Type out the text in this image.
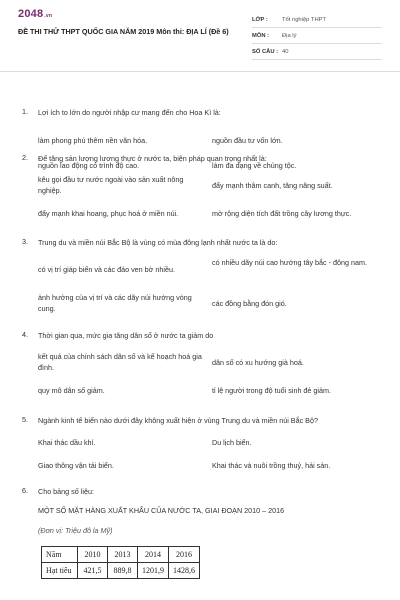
2048.vn
ĐỀ THI THỬ THPT QUỐC GIA NĂM 2019 Môn thi: ĐỊA LÍ (Đề 6)
LỚP :	Tốt nghiệp THPT
MÔN :	Địa lý
SỐ CÂU : 40
1. Lợi ích to lớn do người nhập cư mang đến cho Hoa Kì là:
làm phong phú thêm nền văn hóa.	nguồn đầu tư vốn lớn.
nguồn lao động có trình độ cao.	làm đa dạng về chủng tộc.
2. Để tăng sản lượng lương thực ở nước ta, biện pháp quan trọng nhất là:
kêu gọi đầu tư nước ngoài vào sản xuất nông nghiệp.
đẩy mạnh thâm canh, tăng năng suất.
đẩy mạnh khai hoang, phục hoá ở miền núi.	mở rộng diện tích đất trồng cây lương thực.
3. Trung du và miền núi Bắc Bộ là vùng có mùa đông lạnh nhất nước ta là do:
có vị trí giáp biển và các đảo ven bờ nhiều.
có nhiều dãy núi cao hướng tây bắc - đông nam.
ảnh hưởng của vị trí và các dãy núi hướng vòng cung.
các đồng bằng đón gió.
4. Thời gian qua, mức gia tăng dân số ở nước ta giảm do
kết quả của chính sách dân số và kế hoạch hoá gia đình.
dân số có xu hướng già hoá.
quy mô dân số giảm.	tỉ lệ người trong độ tuổi sinh đẻ giảm.
5. Ngành kinh tế biển nào dưới đây không xuất hiện ở vùng Trung du và miền núi Bắc Bộ?
Khai thác dầu khí.	Du lịch biển.
Giao thông vận tải biển.	Khai thác và nuôi trồng thuỷ, hải sản.
6. Cho bảng số liệu:
MỘT SỐ MẶT HÀNG XUẤT KHẨU CỦA NƯỚC TA, GIAI ĐOẠN 2010 – 2016
(Đơn vị: Triệu đô la Mỹ)
Năm	2010	2013	2014	2016
Hạt tiêu	421,5	889,8	1201,9	1428,6
